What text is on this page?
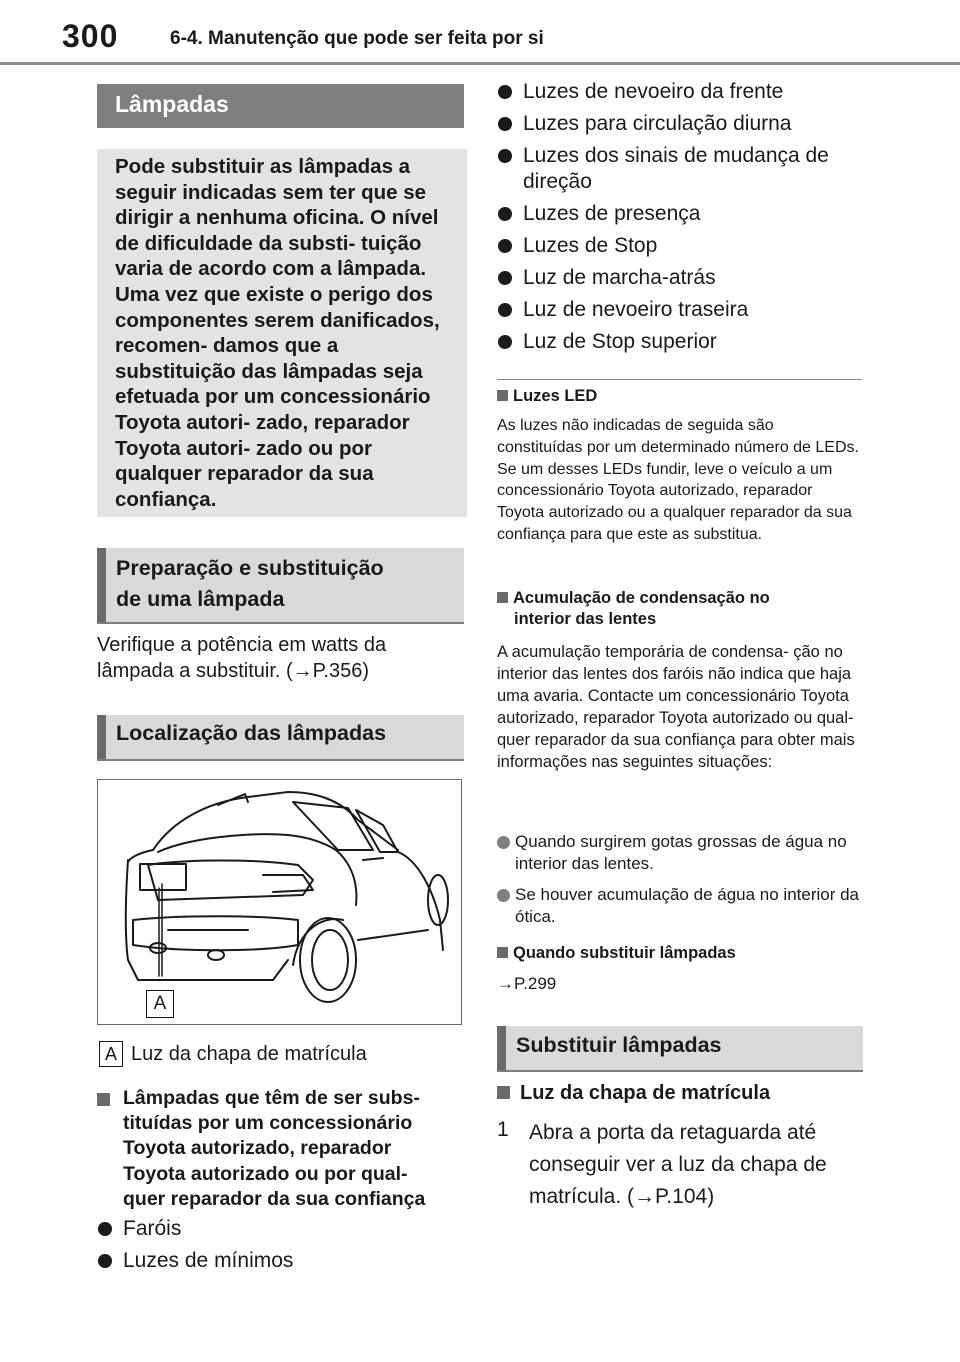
300	6-4. Manutenção que pode ser feita por si
Lâmpadas
Pode substituir as lâmpadas a seguir indicadas sem ter que se dirigir a nenhuma oficina. O nível de dificuldade da substi- tuição varia de acordo com a lâmpada. Uma vez que existe o perigo dos componentes serem danificados, recomen- damos que a substituição das lâmpadas seja efetuada por um concessionário Toyota autori- zado, reparador Toyota autori- zado ou por qualquer reparador da sua confiança.
Preparação e substituição
de uma lâmpada
Verifique a potência em watts da
lâmpada a substituir. (→P.356)
Localização das lâmpadas
A
A Luz da chapa de matrícula
Lâmpadas que têm de ser subs-
tituídas por um concessionário
Toyota autorizado, reparador
Toyota autorizado ou por qual-
quer reparador da sua confiança
Faróis
Luzes de mínimos
Luzes de nevoeiro da frente
Luzes para circulação diurna
Luzes dos sinais de mudança de direção
Luzes de presença
Luzes de Stop
Luz de marcha-atrás
Luz de nevoeiro traseira
Luz de Stop superior
Luzes LED
As luzes não indicadas de seguida são constituídas por um determinado número de LEDs. Se um desses LEDs fundir, leve o veículo a um concessionário Toyota autorizado, reparador Toyota autorizado ou a qualquer reparador da sua confiança para que este as substitua.
Acumulação de condensação no
interior das lentes
A acumulação temporária de condensa- ção no interior das lentes dos faróis não indica que haja uma avaria. Contacte um concessionário Toyota autorizado, reparador Toyota autorizado ou qual- quer reparador da sua confiança para obter mais informações nas seguintes situações:
Quando surgirem gotas grossas de água no interior das lentes.
Se houver acumulação de água no interior da ótica.
Quando substituir lâmpadas
→P.299
Substituir lâmpadas
Luz da chapa de matrícula
1 Abra a porta da retaguarda até conseguir ver a luz da chapa de matrícula. (→P.104)
